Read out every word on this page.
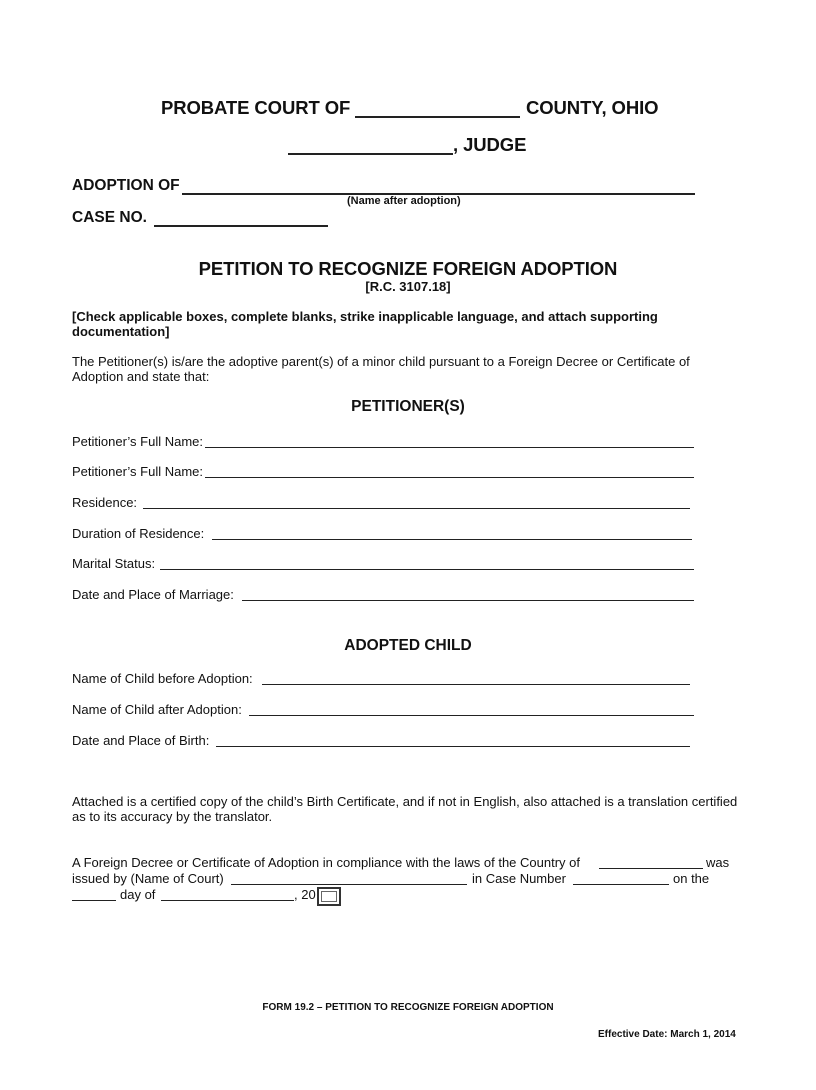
PROBATE COURT OF	COUNTY, OHIO
, JUDGE
ADOPTION OF
(Name after adoption)
CASE NO.
PETITION TO RECOGNIZE FOREIGN ADOPTION
[R.C. 3107.18]
[Check applicable boxes, complete blanks, strike inapplicable language, and attach supporting
documentation]
The Petitioner(s) is/are the adoptive parent(s) of a minor child pursuant to a Foreign Decree or Certificate of
Adoption and state that:
PETITIONER(S)
Petitioner’s Full Name:
Petitioner’s Full Name:
Residence:
Duration of Residence:
Marital Status:
Date and Place of Marriage:
ADOPTED CHILD
Name of Child before Adoption:
Name of Child after Adoption:
Date and Place of Birth:
Attached is a certified copy of the child’s Birth Certificate, and if not in English, also attached is a translation certified
as to its accuracy by the translator.
A Foreign Decree or Certificate of Adoption in compliance with the laws of the Country of	was
issued by (Name of Court)	in Case Number	on the
day of	, 20
FORM 19.2 – PETITION TO RECOGNIZE FOREIGN ADOPTION
Effective Date: March 1, 2014
